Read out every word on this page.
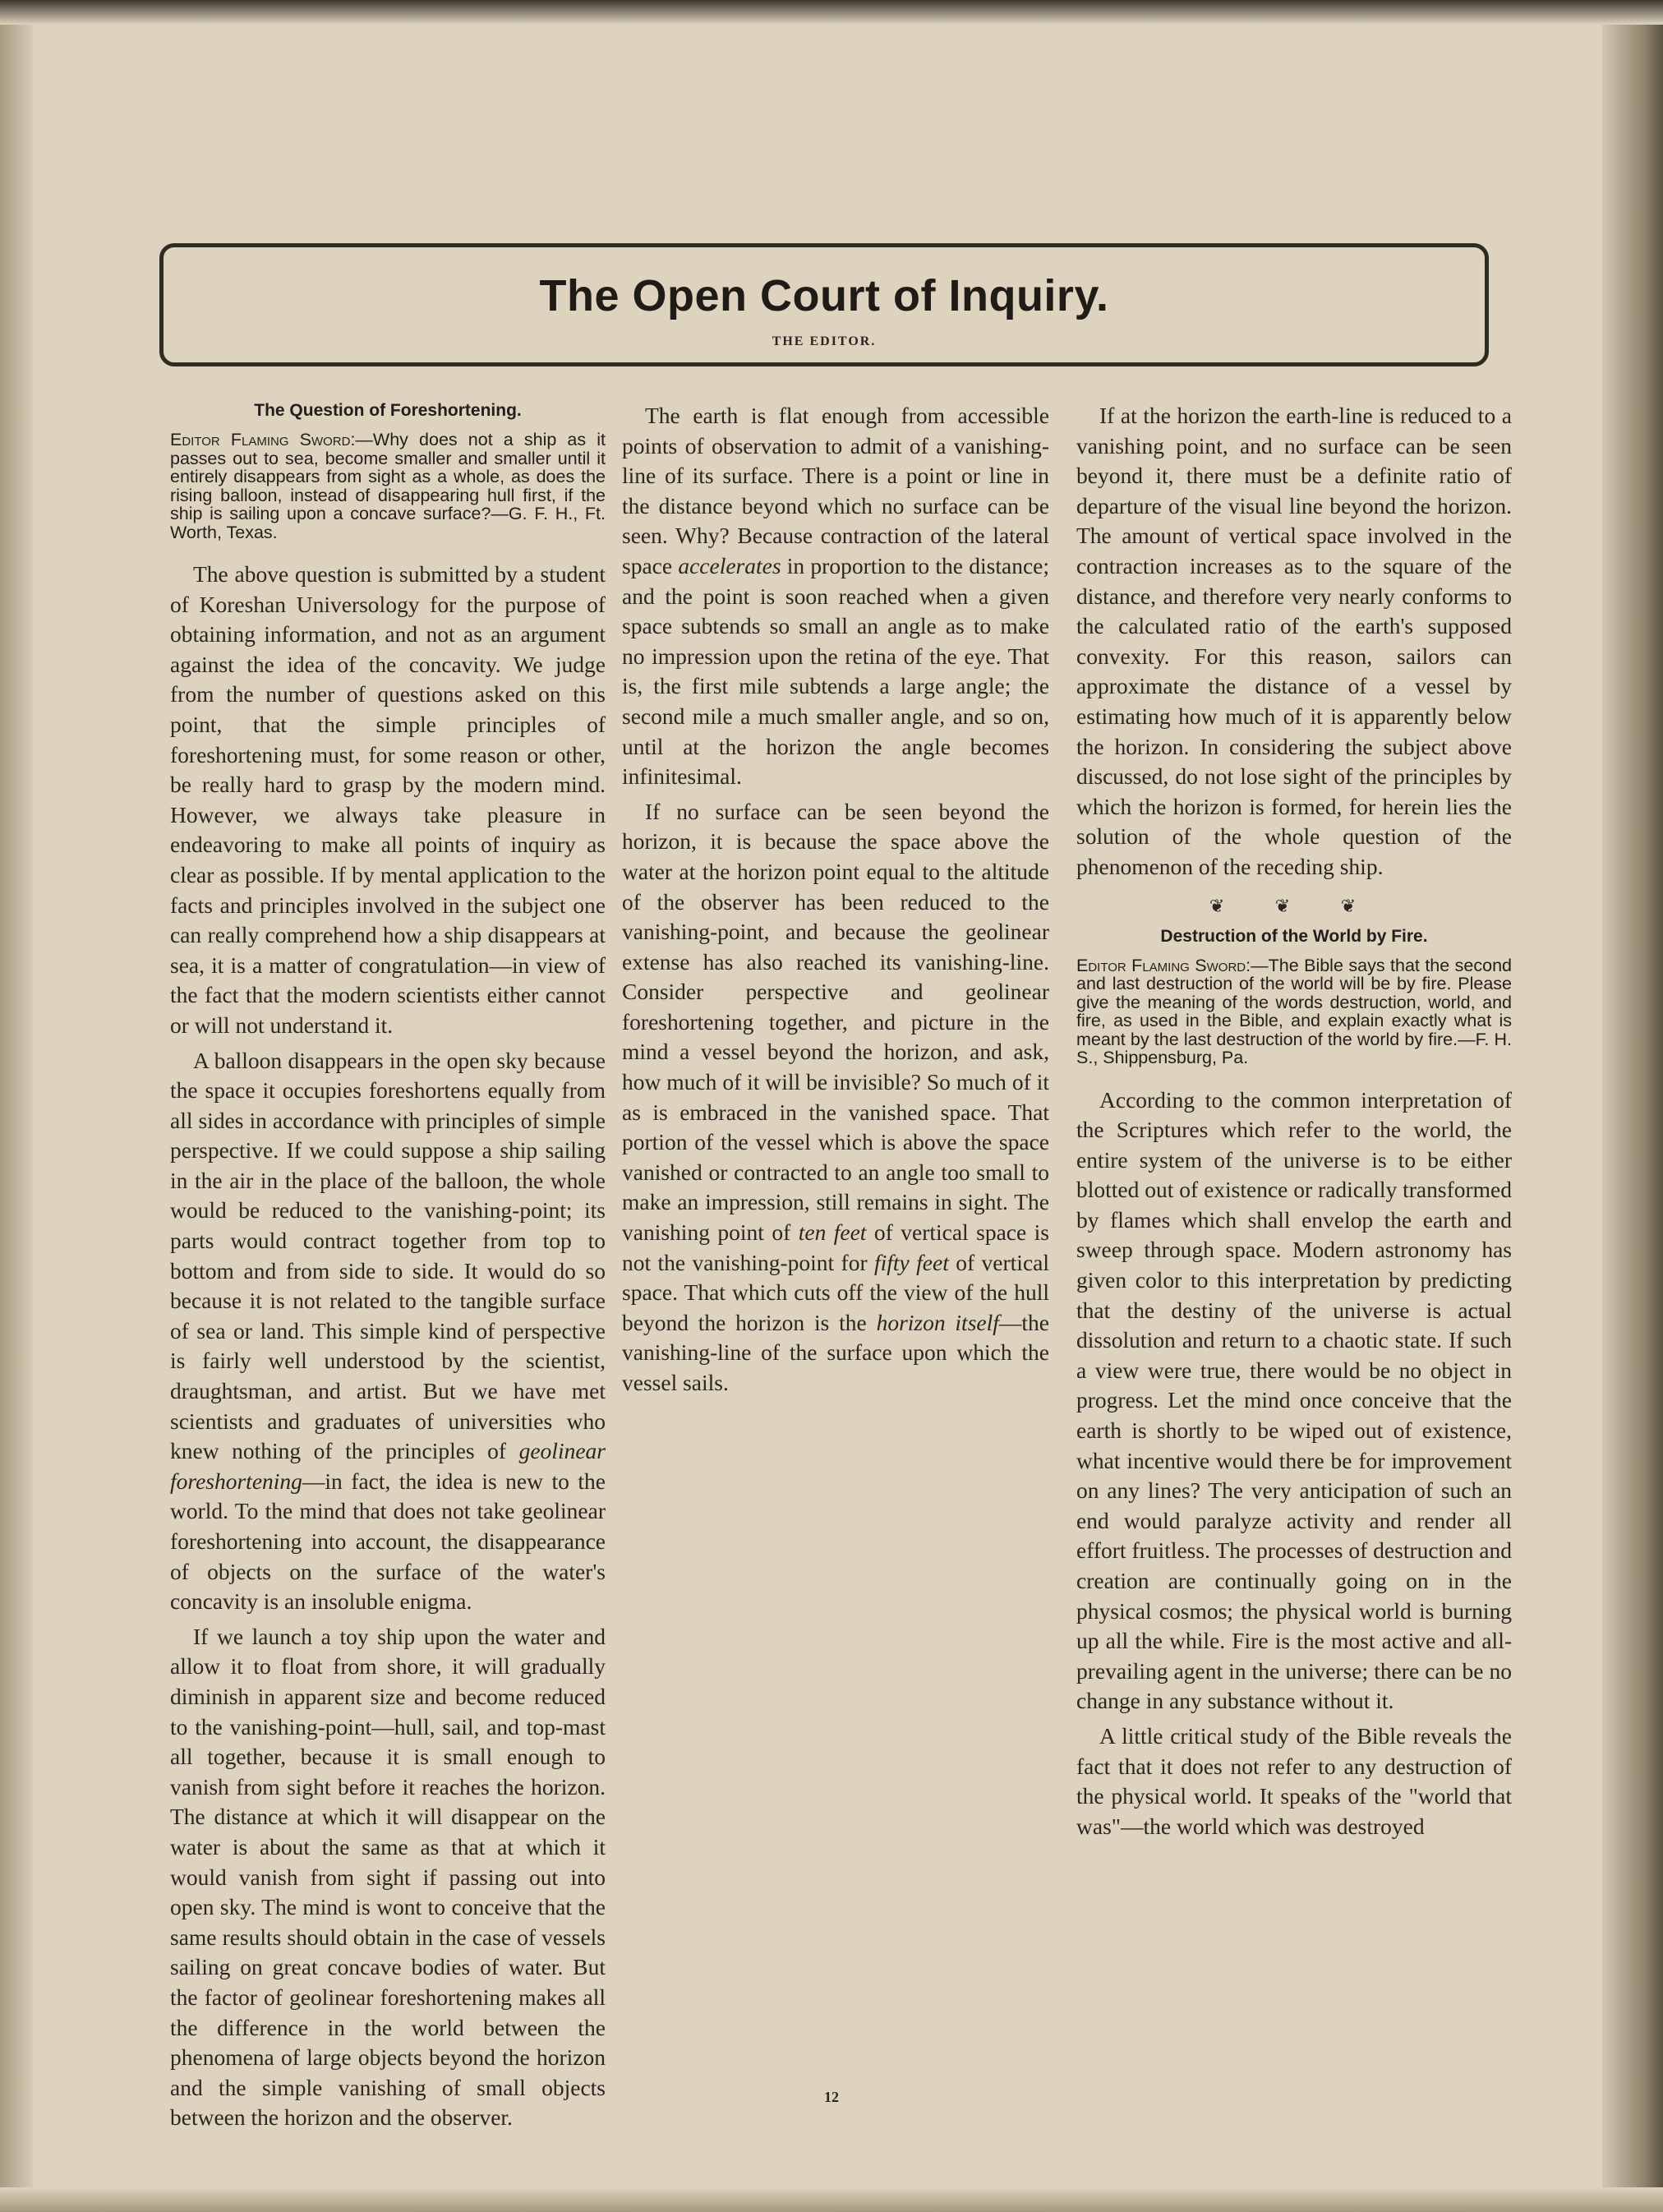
The Open Court of Inquiry.
THE EDITOR.
The Question of Foreshortening.
Editor Flaming Sword:—Why does not a ship as it passes out to sea, become smaller and smaller until it entirely disappears from sight as a whole, as does the rising balloon, instead of disappearing hull first, if the ship is sailing upon a concave surface?—G. F. H., Ft. Worth, Texas.

The above question is submitted by a student of Koreshan Universology for the purpose of obtaining information, and not as an argument against the idea of the concavity. We judge from the number of questions asked on this point, that the simple principles of foreshortening must, for some reason or other, be really hard to grasp by the modern mind. However, we always take pleasure in endeavoring to make all points of inquiry as clear as possible. If by mental application to the facts and principles involved in the subject one can really comprehend how a ship disappears at sea, it is a matter of congratulation—in view of the fact that the modern scientists either cannot or will not understand it.

A balloon disappears in the open sky because the space it occupies foreshortens equally from all sides in accordance with principles of simple perspective. If we could suppose a ship sailing in the air in the place of the balloon, the whole would be reduced to the vanishing-point; its parts would contract together from top to bottom and from side to side. It would do so because it is not related to the tangible surface of sea or land. This simple kind of perspective is fairly well understood by the scientist, draughtsman, and artist. But we have met scientists and graduates of universities who knew nothing of the principles of geolinear foreshortening—in fact, the idea is new to the world. To the mind that does not take geolinear foreshortening into account, the disappearance of objects on the surface of the water's concavity is an insoluble enigma.

If we launch a toy ship upon the water and allow it to float from shore, it will gradually diminish in apparent size and become reduced to the vanishing-point—hull, sail, and top-mast all together, because it is small enough to vanish from sight before it reaches the horizon. The distance at which it will disappear on the water is about the same as that at which it would vanish from sight if passing out into open sky. The mind is wont to conceive that the same results should obtain in the case of vessels sailing on great concave bodies of water. But the factor of geolinear foreshortening makes all the difference in the world between the phenomena of large objects beyond the horizon and the simple vanishing of small objects between the horizon and the observer.

The earth is flat enough from accessible points of observation to admit of a vanishing-line of its surface. There is a point or line in the distance beyond which no surface can be seen. Why? Because contraction of the lateral space accelerates in proportion to the distance; and the point is soon reached when a given space subtends so small an angle as to make no impression upon the retina of the eye. That is, the first mile subtends a large angle; the second mile a much smaller angle, and so on, until at the horizon the angle becomes infinitesimal.

If no surface can be seen beyond the horizon, it is because the space above the water at the horizon point equal to the altitude of the observer has been reduced to the vanishing-point, and because the geolinear extense has also reached its vanishing-line. Consider perspective and geolinear foreshortening together, and picture in the mind a vessel beyond the horizon, and ask, how much of it will be invisible? So much of it as is embraced in the vanished space. That portion of the vessel which is above the space vanished or contracted to an angle too small to make an impression, still remains in sight. The vanishing point of ten feet of vertical space is not the vanishing-point for fifty feet of vertical space. That which cuts off the view of the hull beyond the horizon is the horizon itself—the vanishing-line of the surface upon which the vessel sails.

If at the horizon the earth-line is reduced to a vanishing point, and no surface can be seen beyond it, there must be a definite ratio of departure of the visual line beyond the horizon. The amount of vertical space involved in the contraction increases as to the square of the distance, and therefore very nearly conforms to the calculated ratio of the earth's supposed convexity. For this reason, sailors can approximate the distance of a vessel by estimating how much of it is apparently below the horizon. In considering the subject above discussed, do not lose sight of the principles by which the horizon is formed, for herein lies the solution of the whole question of the phenomenon of the receding ship.

❦ ❦ ❦
Destruction of the World by Fire.
Editor Flaming Sword:—The Bible says that the second and last destruction of the world will be by fire. Please give the meaning of the words destruction, world, and fire, as used in the Bible, and explain exactly what is meant by the last destruction of the world by fire.—F. H. S., Shippensburg, Pa.

According to the common interpretation of the Scriptures which refer to the world, the entire system of the universe is to be either blotted out of existence or radically transformed by flames which shall envelop the earth and sweep through space. Modern astronomy has given color to this interpretation by predicting that the destiny of the universe is actual dissolution and return to a chaotic state. If such a view were true, there would be no object in progress. Let the mind once conceive that the earth is shortly to be wiped out of existence, what incentive would there be for improvement on any lines? The very anticipation of such an end would paralyze activity and render all effort fruitless. The processes of destruction and creation are continually going on in the physical cosmos; the physical world is burning up all the while. Fire is the most active and all-prevailing agent in the universe; there can be no change in any substance without it.

A little critical study of the Bible reveals the fact that it does not refer to any destruction of the physical world. It speaks of the "world that was"—the world which was destroyed

12
